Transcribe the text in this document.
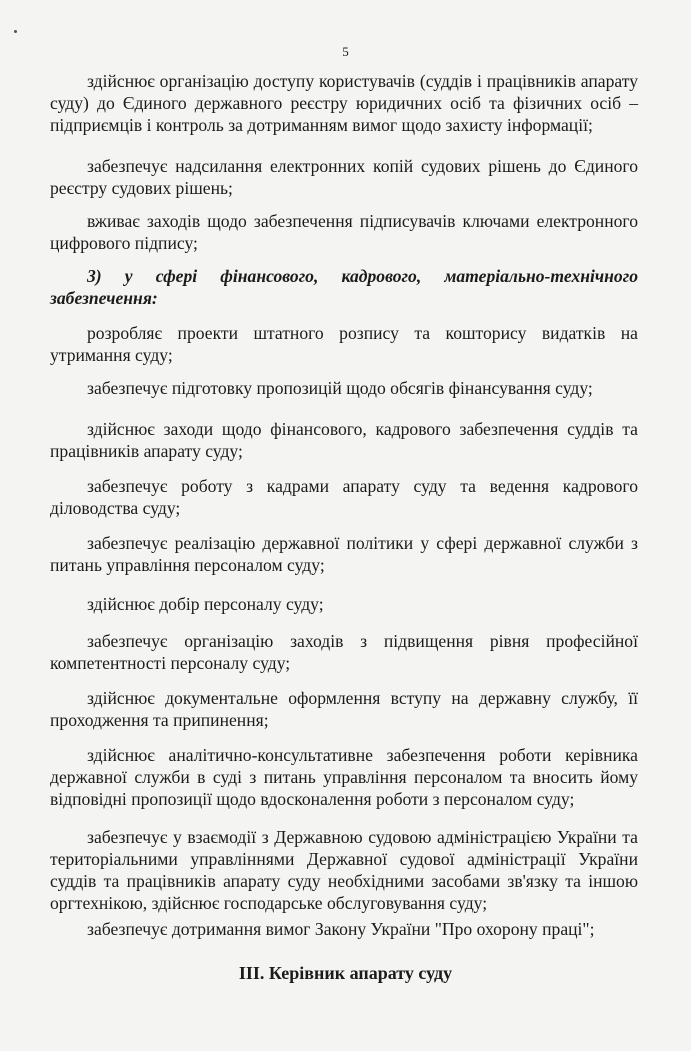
5

здійснює організацію доступу користувачів (суддів і працівників апарату суду) до Єдиного державного реєстру юридичних осіб та фізичних осіб – підприємців і контроль за дотриманням вимог щодо захисту інформації;

забезпечує надсилання електронних копій судових рішень до Єдиного реєстру судових рішень;

вживає заходів щодо забезпечення підписувачів ключами електронного цифрового підпису;

3) у сфері фінансового, кадрового, матеріально-технічного забезпечення:

розробляє проекти штатного розпису та кошторису видатків на утримання суду;

забезпечує підготовку пропозицій щодо обсягів фінансування суду;

здійснює заходи щодо фінансового, кадрового забезпечення суддів та працівників апарату суду;

забезпечує роботу з кадрами апарату суду та ведення кадрового діловодства суду;

забезпечує реалізацію державної політики у сфері державної служби з питань управління персоналом суду;

здійснює добір персоналу суду;

забезпечує організацію заходів з підвищення рівня професійної компетентності персоналу суду;

здійснює документальне оформлення вступу на державну службу, її проходження та припинення;

здійснює аналітично-консультативне забезпечення роботи керівника державної служби в суді з питань управління персоналом та вносить йому відповідні пропозиції щодо вдосконалення роботи з персоналом суду;

забезпечує у взаємодії з Державною судовою адміністрацією України та територіальними управліннями Державної судової адміністрації України суддів та працівників апарату суду необхідними засобами зв'язку та іншою оргтехнікою, здійснює господарське обслуговування суду;

забезпечує дотримання вимог Закону України "Про охорону праці";

ІІІ. Керівник апарату суду
